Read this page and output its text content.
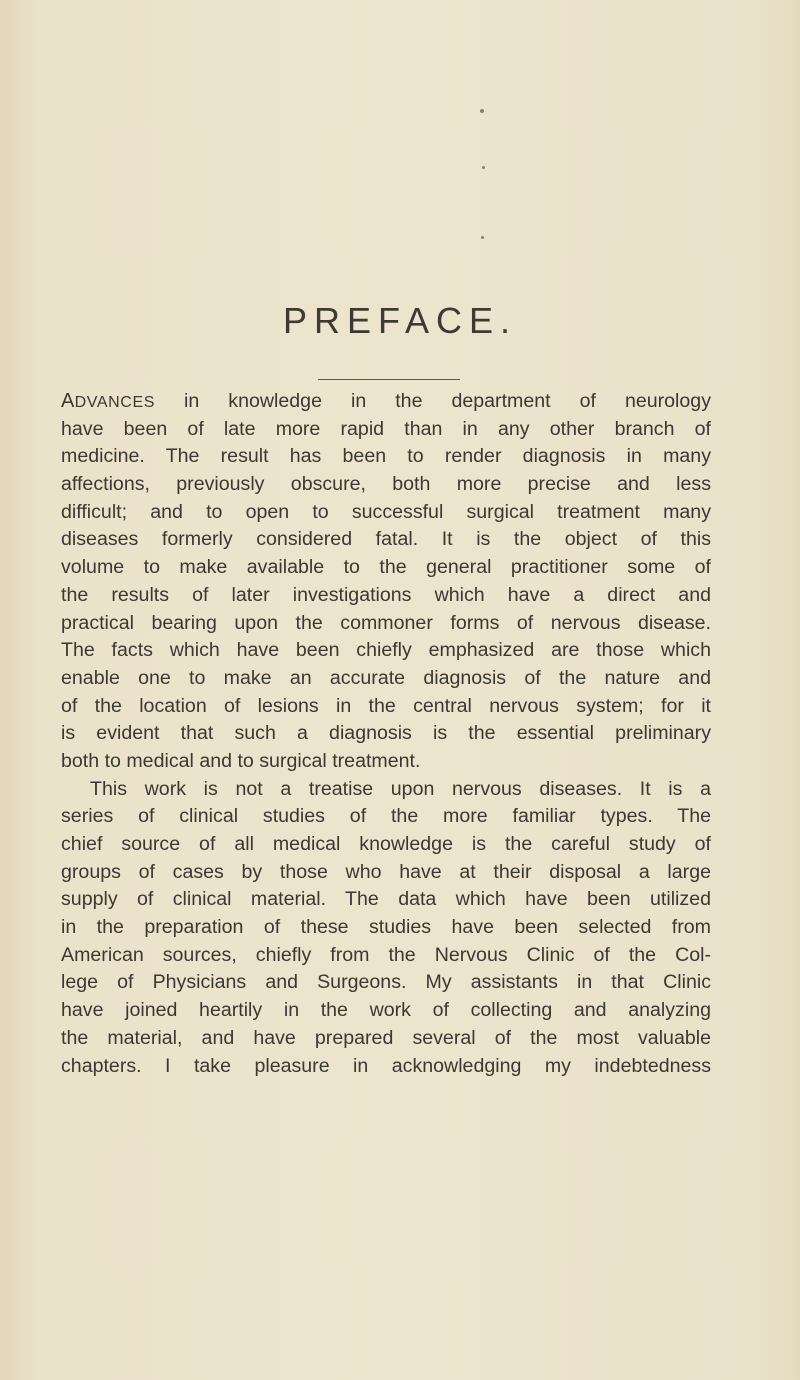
PREFACE.
ADVANCES in knowledge in the department of neurology
have been of late more rapid than in any other branch of
medicine. The result has been to render diagnosis in many
affections, previously obscure, both more precise and less
difficult; and to open to successful surgical treatment many
diseases formerly considered fatal. It is the object of this
volume to make available to the general practitioner some of
the results of later investigations which have a direct and
practical bearing upon the commoner forms of nervous disease.
The facts which have been chiefly emphasized are those which
enable one to make an accurate diagnosis of the nature and
of the location of lesions in the central nervous system; for it
is evident that such a diagnosis is the essential preliminary
both to medical and to surgical treatment.
This work is not a treatise upon nervous diseases. It is a
series of clinical studies of the more familiar types. The
chief source of all medical knowledge is the careful study of
groups of cases by those who have at their disposal a large
supply of clinical material. The data which have been utilized
in the preparation of these studies have been selected from
American sources, chiefly from the Nervous Clinic of the Col-
lege of Physicians and Surgeons. My assistants in that Clinic
have joined heartily in the work of collecting and analyzing
the material, and have prepared several of the most valuable
chapters. I take pleasure in acknowledging my indebtedness
